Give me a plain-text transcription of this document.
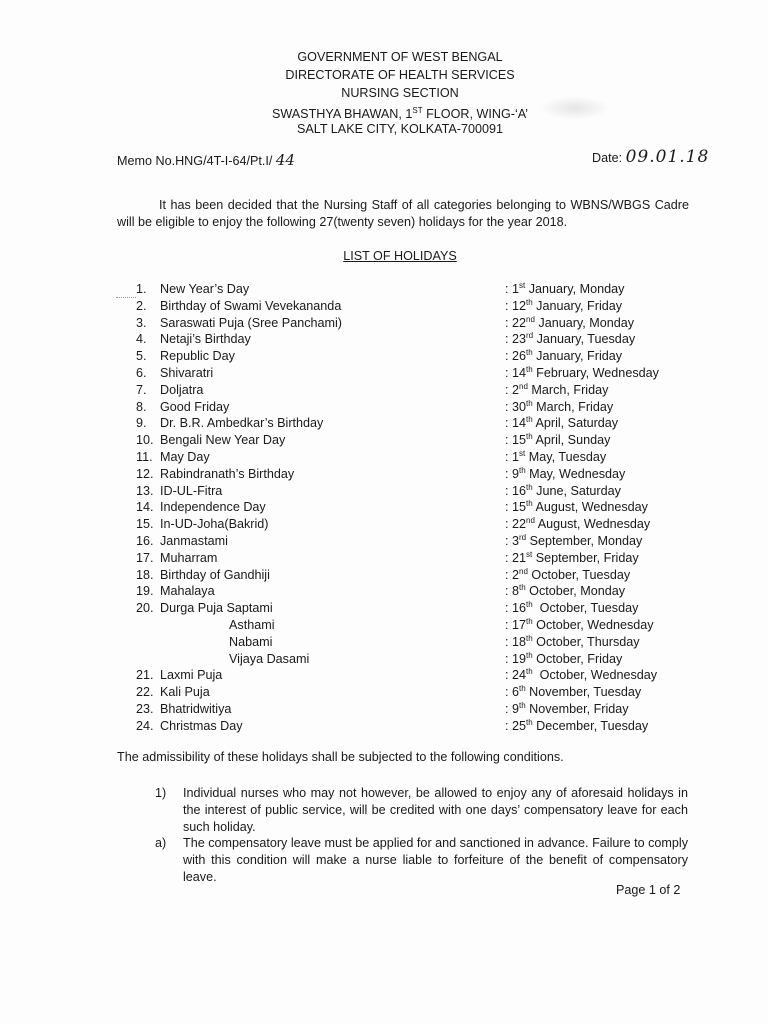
GOVERNMENT OF WEST BENGAL
DIRECTORATE OF HEALTH SERVICES
NURSING SECTION
SWASTHYA BHAWAN, 1ST FLOOR, WING-‘A’
SALT LAKE CITY, KOLKATA-700091
Memo No.HNG/4T-I-64/Pt.I/ 44	Date: 09.01.18
It has been decided that the Nursing Staff of all categories belonging to WBNS/WBGS Cadre will be eligible to enjoy the following 27(twenty seven) holidays for the year 2018.
LIST OF HOLIDAYS
1. New Year’s Day	: 1st January, Monday
2. Birthday of Swami Vevekananda	: 12th January, Friday
3. Saraswati Puja (Sree Panchami)	: 22nd January, Monday
4. Netaji’s Birthday	: 23rd January, Tuesday
5. Republic Day	: 26th January, Friday
6. Shivaratri	: 14th February, Wednesday
7. Doljatra	: 2nd March, Friday
8. Good Friday	: 30th March, Friday
9. Dr. B.R. Ambedkar’s Birthday	: 14th April, Saturday
10. Bengali New Year Day	: 15th April, Sunday
11. May Day	: 1st May, Tuesday
12. Rabindranath’s Birthday	: 9th May, Wednesday
13. ID-UL-Fitra	: 16th June, Saturday
14. Independence Day	: 15th August, Wednesday
15. In-UD-Joha(Bakrid)	: 22nd August, Wednesday
16. Janmastami	: 3rd September, Monday
17. Muharram	: 21st September, Friday
18. Birthday of Gandhiji	: 2nd October, Tuesday
19. Mahalaya	: 8th October, Monday
20. Durga Puja Saptami	: 16th  October, Tuesday
Asthami	: 17th October, Wednesday
Nabami	: 18th October, Thursday
Vijaya Dasami	: 19th October, Friday
21. Laxmi Puja	: 24th  October, Wednesday
22. Kali Puja	: 6th November, Tuesday
23. Bhatridwitiya	: 9th November, Friday
24. Christmas Day	: 25th December, Tuesday
The admissibility of these holidays shall be subjected to the following conditions.
1) Individual nurses who may not however, be allowed to enjoy any of aforesaid holidays in the interest of public service, will be credited with one days’ compensatory leave for each such holiday.
a) The compensatory leave must be applied for and sanctioned in advance. Failure to comply with this condition will make a nurse liable to forfeiture of the benefit of compensatory leave.
Page 1 of 2
